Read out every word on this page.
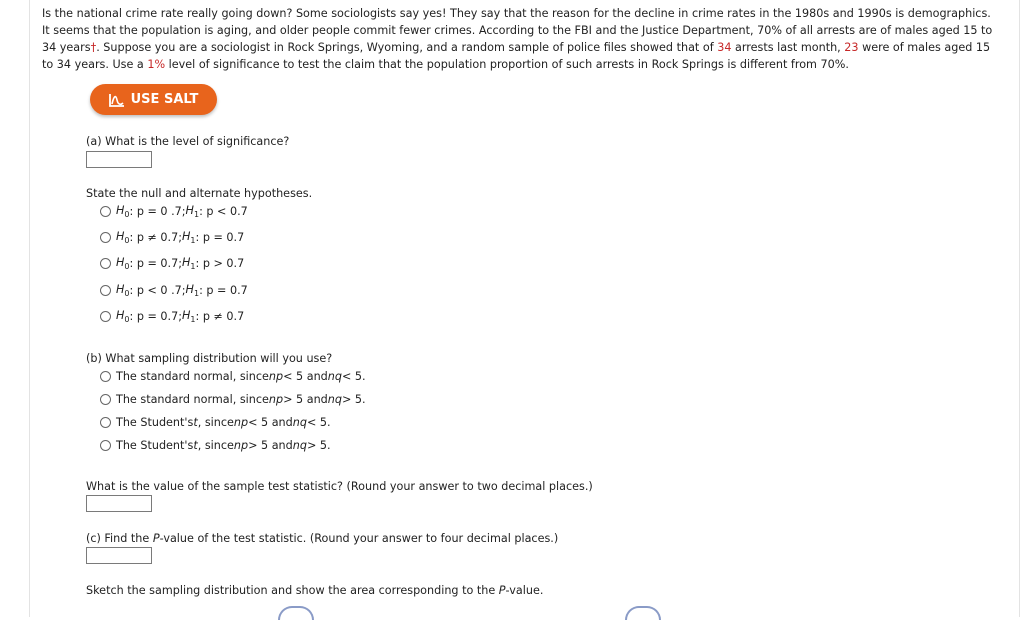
Is the national crime rate really going down? Some sociologists say yes! They say that the reason for the decline in crime rates in the 1980s and 1990s is demographics. It seems that the population is aging, and older people commit fewer crimes. According to the FBI and the Justice Department, 70% of all arrests are of males aged 15 to 34 years†. Suppose you are a sociologist in Rock Springs, Wyoming, and a random sample of police files showed that of 34 arrests last month, 23 were of males aged 15 to 34 years. Use a 1% level of significance to test the claim that the population proportion of such arrests in Rock Springs is different from 70%.
USE SALT
(a) What is the level of significance?
State the null and alternate hypotheses.
$H_0$ : p = 0 .7; $H_1$ : p < 0.7
$H_0$ : p ≠ 0.7; $H_1$ : p = 0.7
$H_0$ : p = 0.7; $H_1$ : p > 0.7
$H_0$ : p < 0 .7; $H_1$ : p = 0.7
$H_0$ : p = 0.7; $H_1$ : p ≠ 0.7
(b) What sampling distribution will you use?
The standard normal, since np < 5 and nq < 5.
The standard normal, since np > 5 and nq > 5.
The Student's t , since np < 5 and nq < 5.
The Student's t , since np > 5 and nq > 5.
What is the value of the sample test statistic? (Round your answer to two decimal places.)
(c) Find the P-value of the test statistic. (Round your answer to four decimal places.)
Sketch the sampling distribution and show the area corresponding to the P-value.
